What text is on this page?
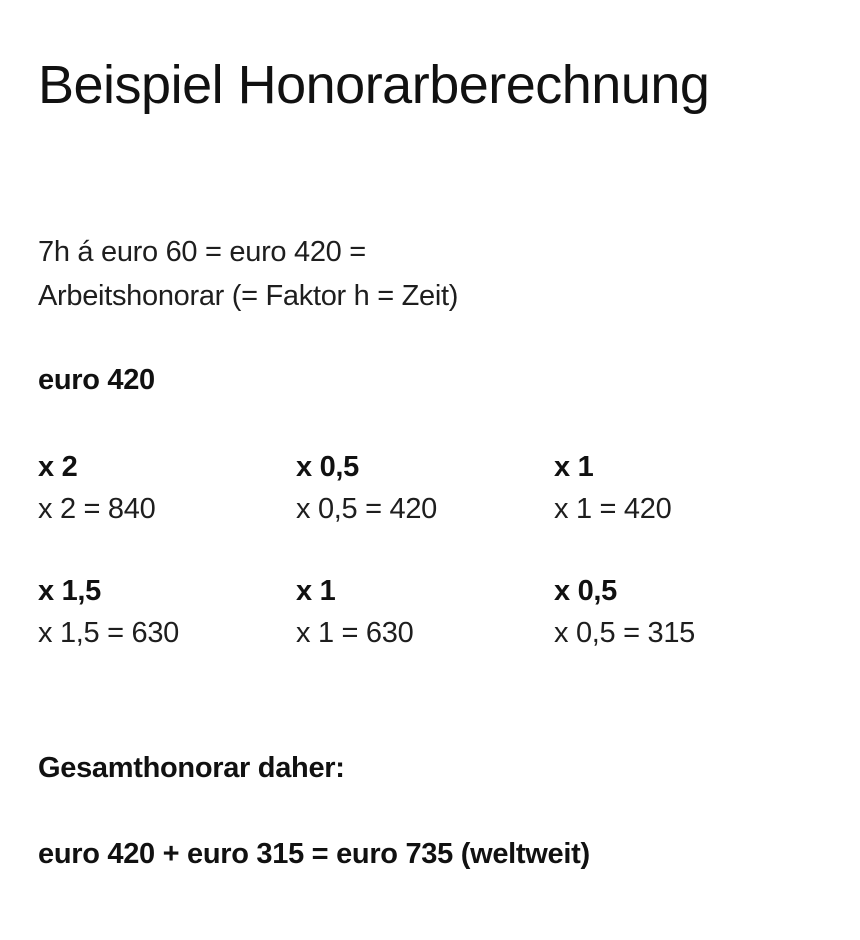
Beispiel Honorarberechnung
7h á euro 60 = euro 420 =
Arbeitshonorar (= Faktor h = Zeit)
euro 420
x 2
x 2 = 840
x 0,5
x 0,5 = 420
x 1
x 1 = 420
x 1,5
x 1,5 = 630
x 1
x 1 = 630
x 0,5
x 0,5 = 315
Gesamthonorar daher:
euro 420 + euro 315 = euro 735 (weltweit)
